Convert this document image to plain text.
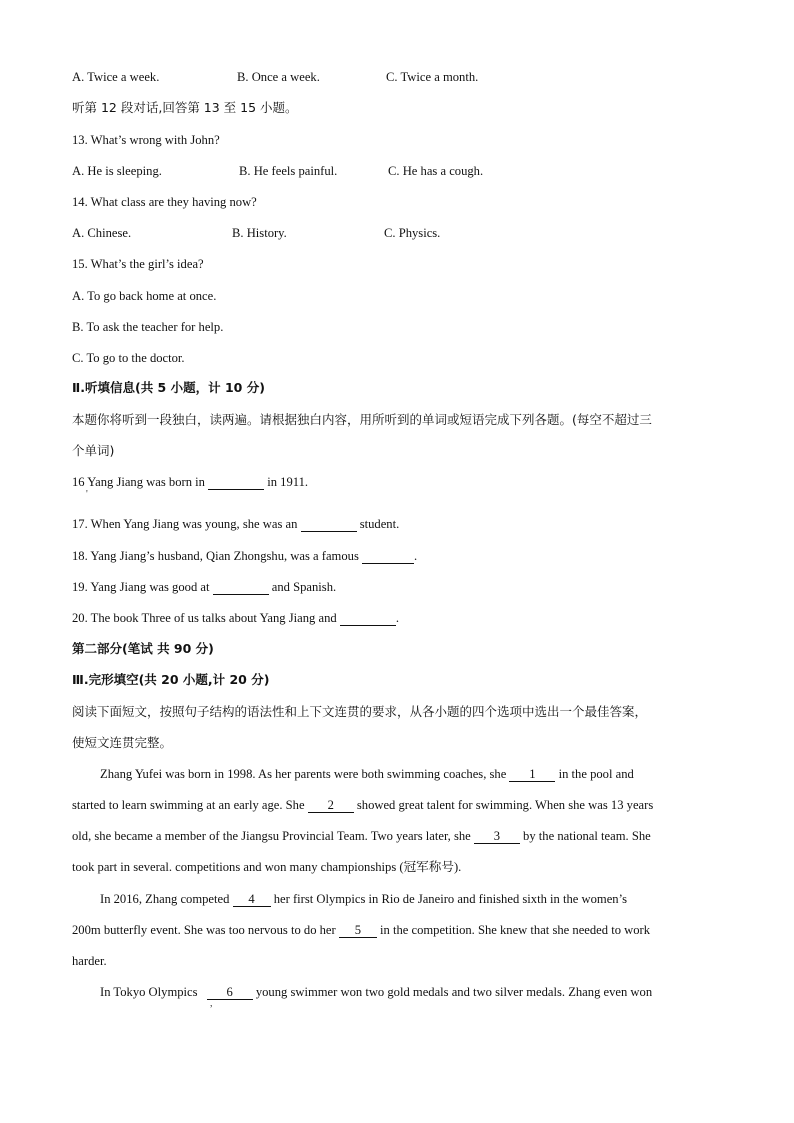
A. Twice a week.	B. Once a week.	C. Twice a month.
听第 12 段对话,回答第 13 至 15 小题。
13. What’s wrong with John?
A. He is sleeping.	B. He feels painful.	C. He has a cough.
14. What class are they having now?
A. Chinese.	B. History.	C. Physics.
15. What’s the girl’s idea?
A. To go back home at once.
B. To ask the teacher for help.
C. To go to the doctor.
Ⅱ.听填信息(共 5 小题，计 10 分)
本题你将听到一段独白，读两遍。请根据独白内容，用所听到的单词或短语完成下列各题。(每空不超过三
个单词)
16 Yang Jiang was born in	in 1911.
'
17. When Yang Jiang was young, she was an	student.
18. Yang Jiang’s husband, Qian Zhongshu, was a famous	.
19. Yang Jiang was good at	and Spanish.
20. The book Three of us talks about Yang Jiang and	.
第二部分(笔试 共 90 分)
Ⅲ.完形填空(共 20 小题,计 20 分)
阅读下面短文，按照句子结构的语法性和上下文连贯的要求，从各小题的四个选项中选出一个最佳答案，
使短文连贯完整。
Zhang Yufei was born in 1998. As her parents were both swimming coaches, she 1 in the pool and
started to learn swimming at an early age. She 2 showed great talent for swimming. When she was 13 years
old, she became a member of the Jiangsu Provincial Team. Two years later, she 3 by the national team. She
took part in several. competitions and won many championships (冠军称号).
In 2016, Zhang competed 4 her first Olympics in Rio de Janeiro and finished sixth in the women’s
200m butterfly event. She was too nervous to do her 5 in the competition. She knew that she needed to work
harder.
In Tokyo Olympics 6 young swimmer won two gold medals and two silver medals. Zhang even won
,
